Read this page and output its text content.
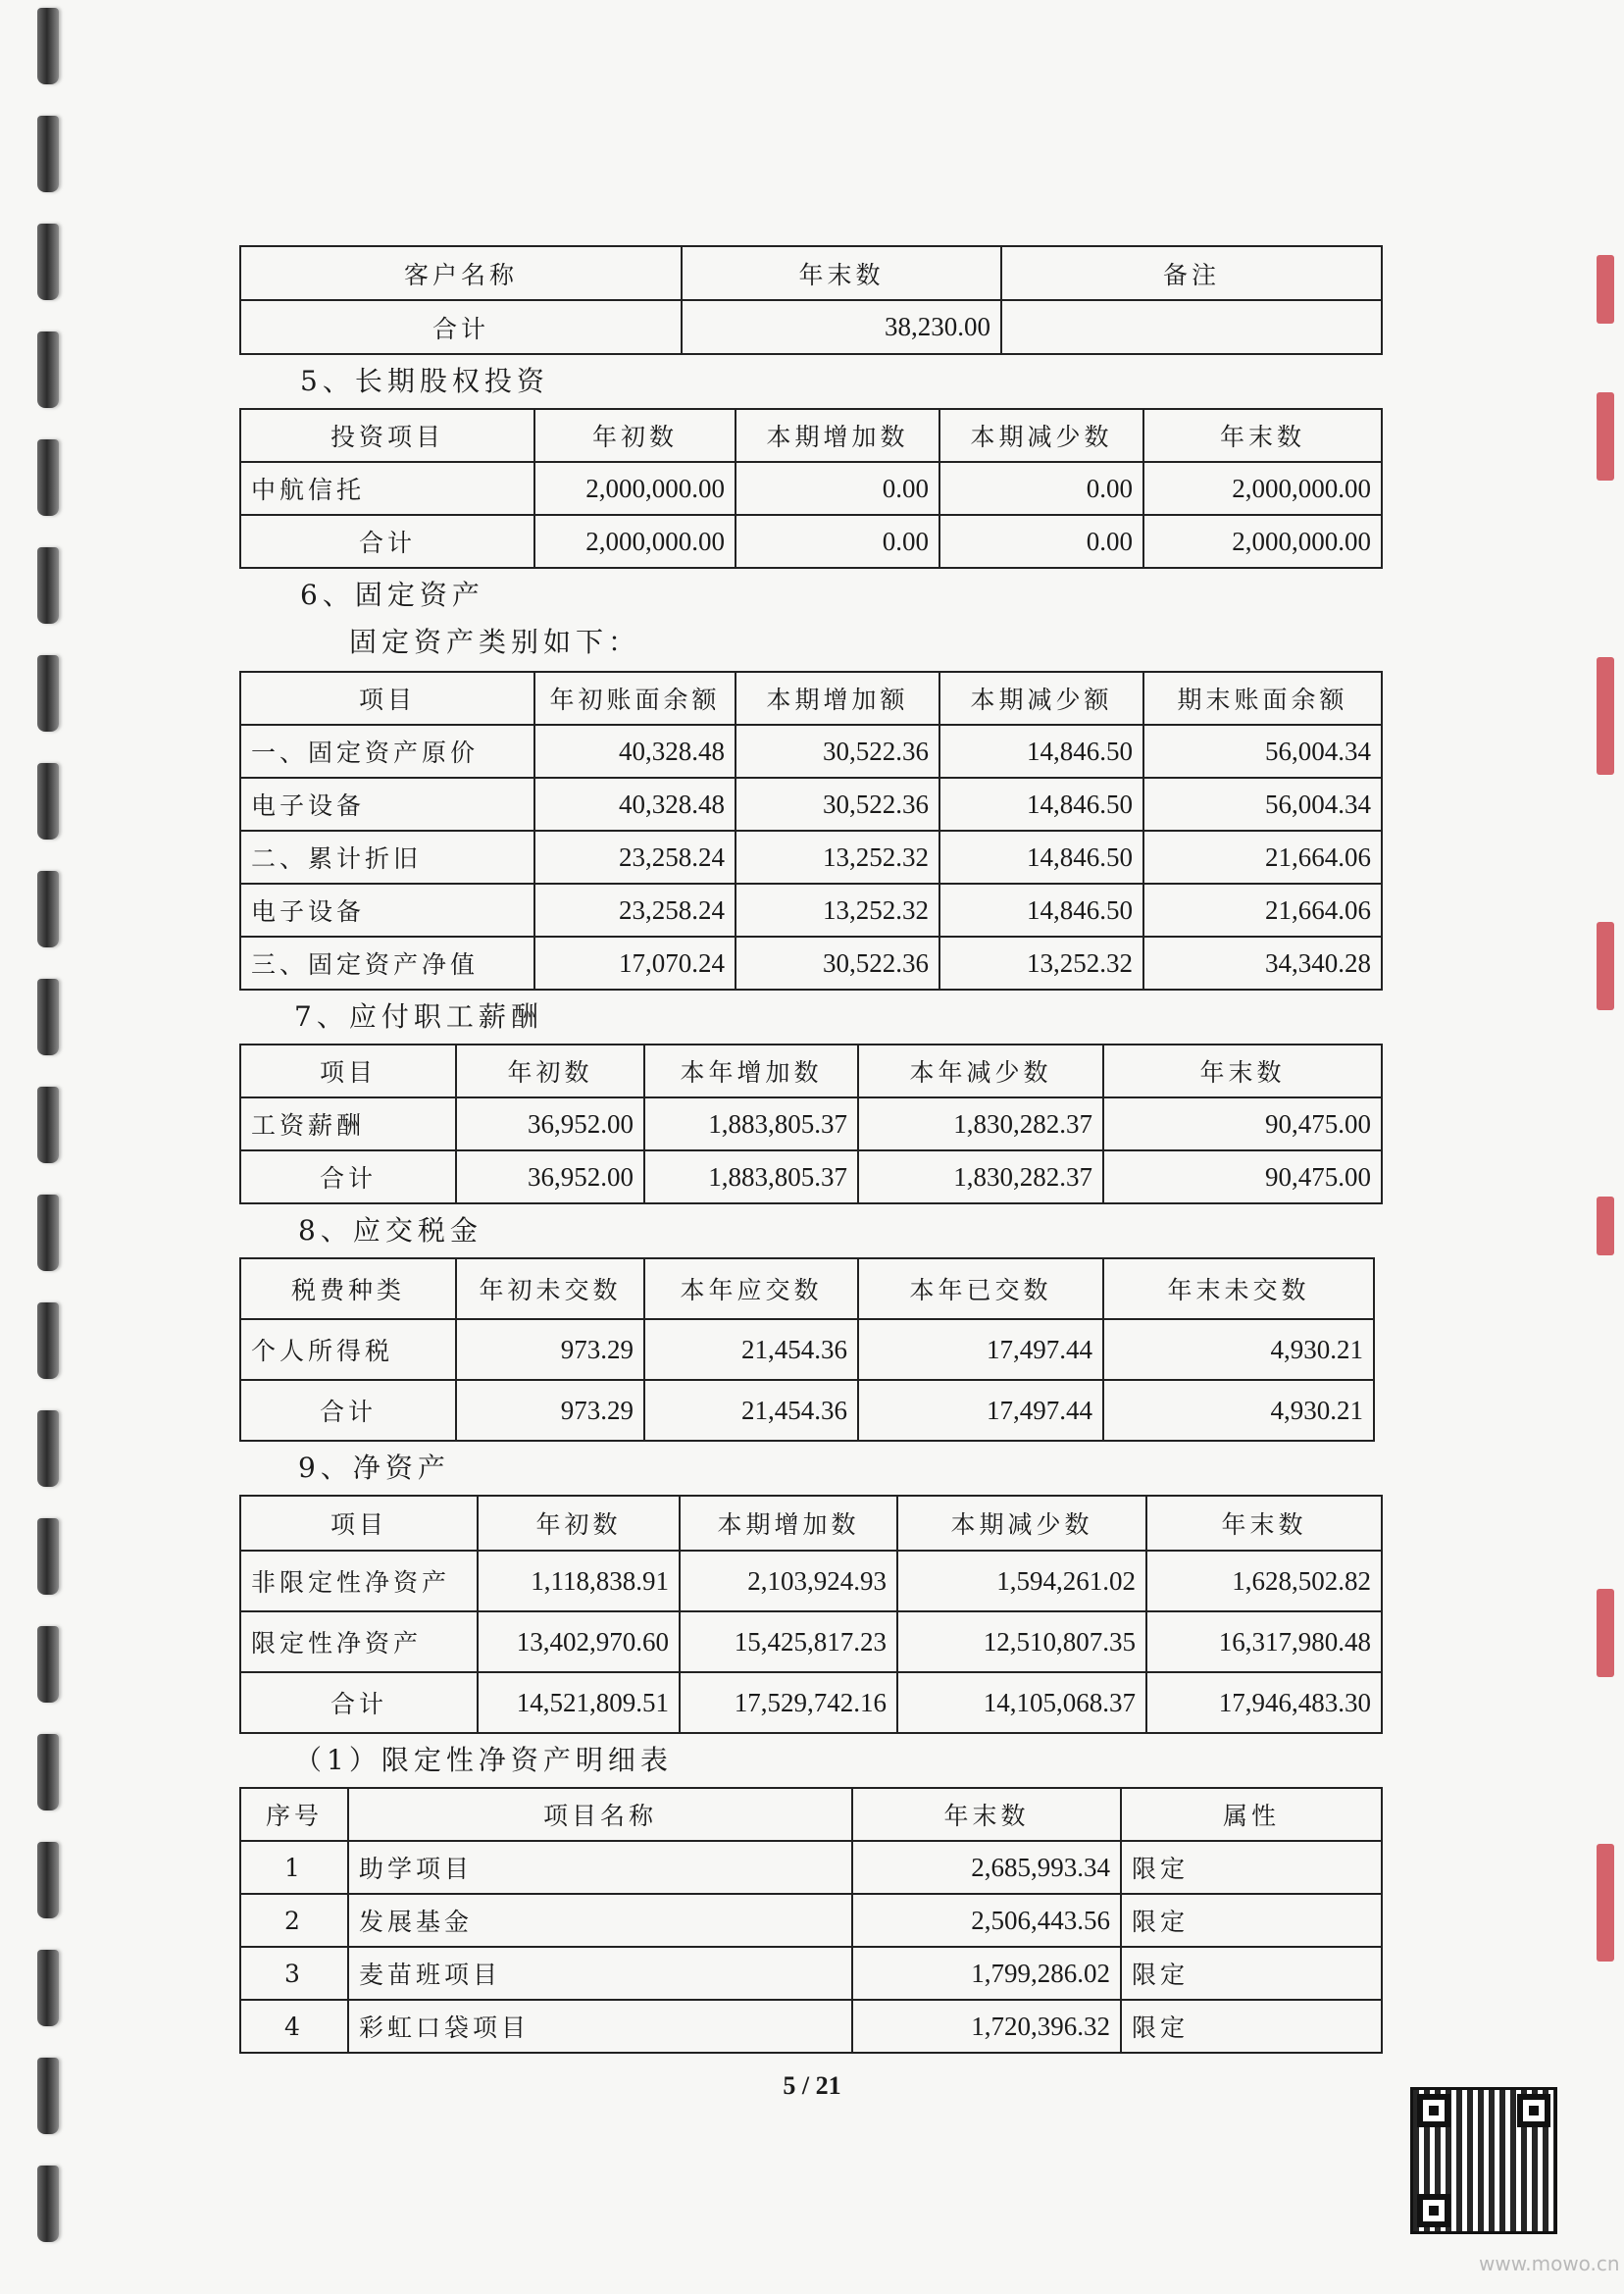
客户名称	年末数	备注
合计	38,230.00	
5、长期股权投资
投资项目	年初数	本期增加数	本期减少数	年末数
中航信托	2,000,000.00	0.00	0.00	2,000,000.00
合计	2,000,000.00	0.00	0.00	2,000,000.00
6、固定资产
固定资产类别如下：
项目	年初账面余额	本期增加额	本期减少额	期末账面余额
一、固定资产原价	40,328.48	30,522.36	14,846.50	56,004.34
电子设备	40,328.48	30,522.36	14,846.50	56,004.34
二、累计折旧	23,258.24	13,252.32	14,846.50	21,664.06
电子设备	23,258.24	13,252.32	14,846.50	21,664.06
三、固定资产净值	17,070.24	30,522.36	13,252.32	34,340.28
7、应付职工薪酬
项目	年初数	本年增加数	本年减少数	年末数
工资薪酬	36,952.00	1,883,805.37	1,830,282.37	90,475.00
合计	36,952.00	1,883,805.37	1,830,282.37	90,475.00
8、应交税金
税费种类	年初未交数	本年应交数	本年已交数	年末未交数
个人所得税	973.29	21,454.36	17,497.44	4,930.21
合计	973.29	21,454.36	17,497.44	4,930.21
9、净资产
项目	年初数	本期增加数	本期减少数	年末数
非限定性净资产	1,118,838.91	2,103,924.93	1,594,261.02	1,628,502.82
限定性净资产	13,402,970.60	15,425,817.23	12,510,807.35	16,317,980.48
合计	14,521,809.51	17,529,742.16	14,105,068.37	17,946,483.30
（1）限定性净资产明细表
序号	项目名称	年末数	属性
1	助学项目	2,685,993.34	限定
2	发展基金	2,506,443.56	限定
3	麦苗班项目	1,799,286.02	限定
4	彩虹口袋项目	1,720,396.32	限定
5 / 21
www.mowo.cn
